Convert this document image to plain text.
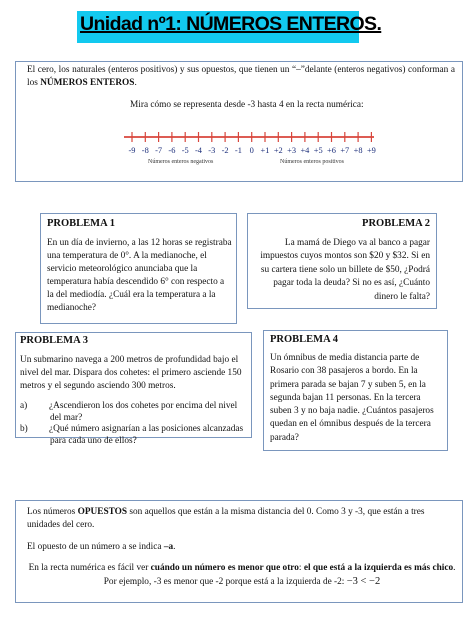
Unidad nº1: NÚMEROS ENTEROS.
El cero, los naturales (enteros positivos) y sus opuestos, que tienen un “–”delante (enteros negativos) conforman a los NÚMEROS ENTEROS.
Mira cómo se representa desde -3 hasta 4 en la recta numérica:
-9 -8 -7 -6 -5 -4 -3 -2 -1 0 +1 +2 +3 +4 +5 +6 +7 +8 +9
Números enteros negativos	Números enteros positivos
PROBLEMA 1
En un día de invierno, a las 12 horas se registraba una temperatura de 0°. A la medianoche, el servicio meteorológico anunciaba que la temperatura había descendido 6° con respecto a la del mediodía. ¿Cuál era la temperatura a la medianoche?
PROBLEMA 2
La mamá de Diego va al banco a pagar impuestos cuyos montos son $20 y $32. Si en su cartera tiene solo un billete de $50, ¿Podrá pagar toda la deuda? Si no es así, ¿Cuánto dinero le falta?
PROBLEMA 3
Un submarino navega a 200 metros de profundidad bajo el nivel del mar. Dispara dos cohetes: el primero asciende 150 metros y el segundo asciendo 300 metros.
a) ¿Ascendieron los dos cohetes por encima del nivel del mar?
b) ¿Qué número asignarían a las posiciones alcanzadas para cada uno de ellos?
PROBLEMA 4
Un ómnibus de media distancia parte de Rosario con 38 pasajeros a bordo. En la primera parada se bajan 7 y suben 5, en la segunda bajan 11 personas. En la tercera suben 3 y no baja nadie. ¿Cuántos pasajeros quedan en el ómnibus después de la tercera parada?
Los números OPUESTOS son aquellos que están a la misma distancia del 0. Como 3 y -3, que están a tres unidades del cero.
El opuesto de un número a se indica –a.
En la recta numérica es fácil ver cuándo un número es menor que otro: el que está a la izquierda es más chico. Por ejemplo, -3 es menor que -2 porque está a la izquierda de -2: −3 < −2
